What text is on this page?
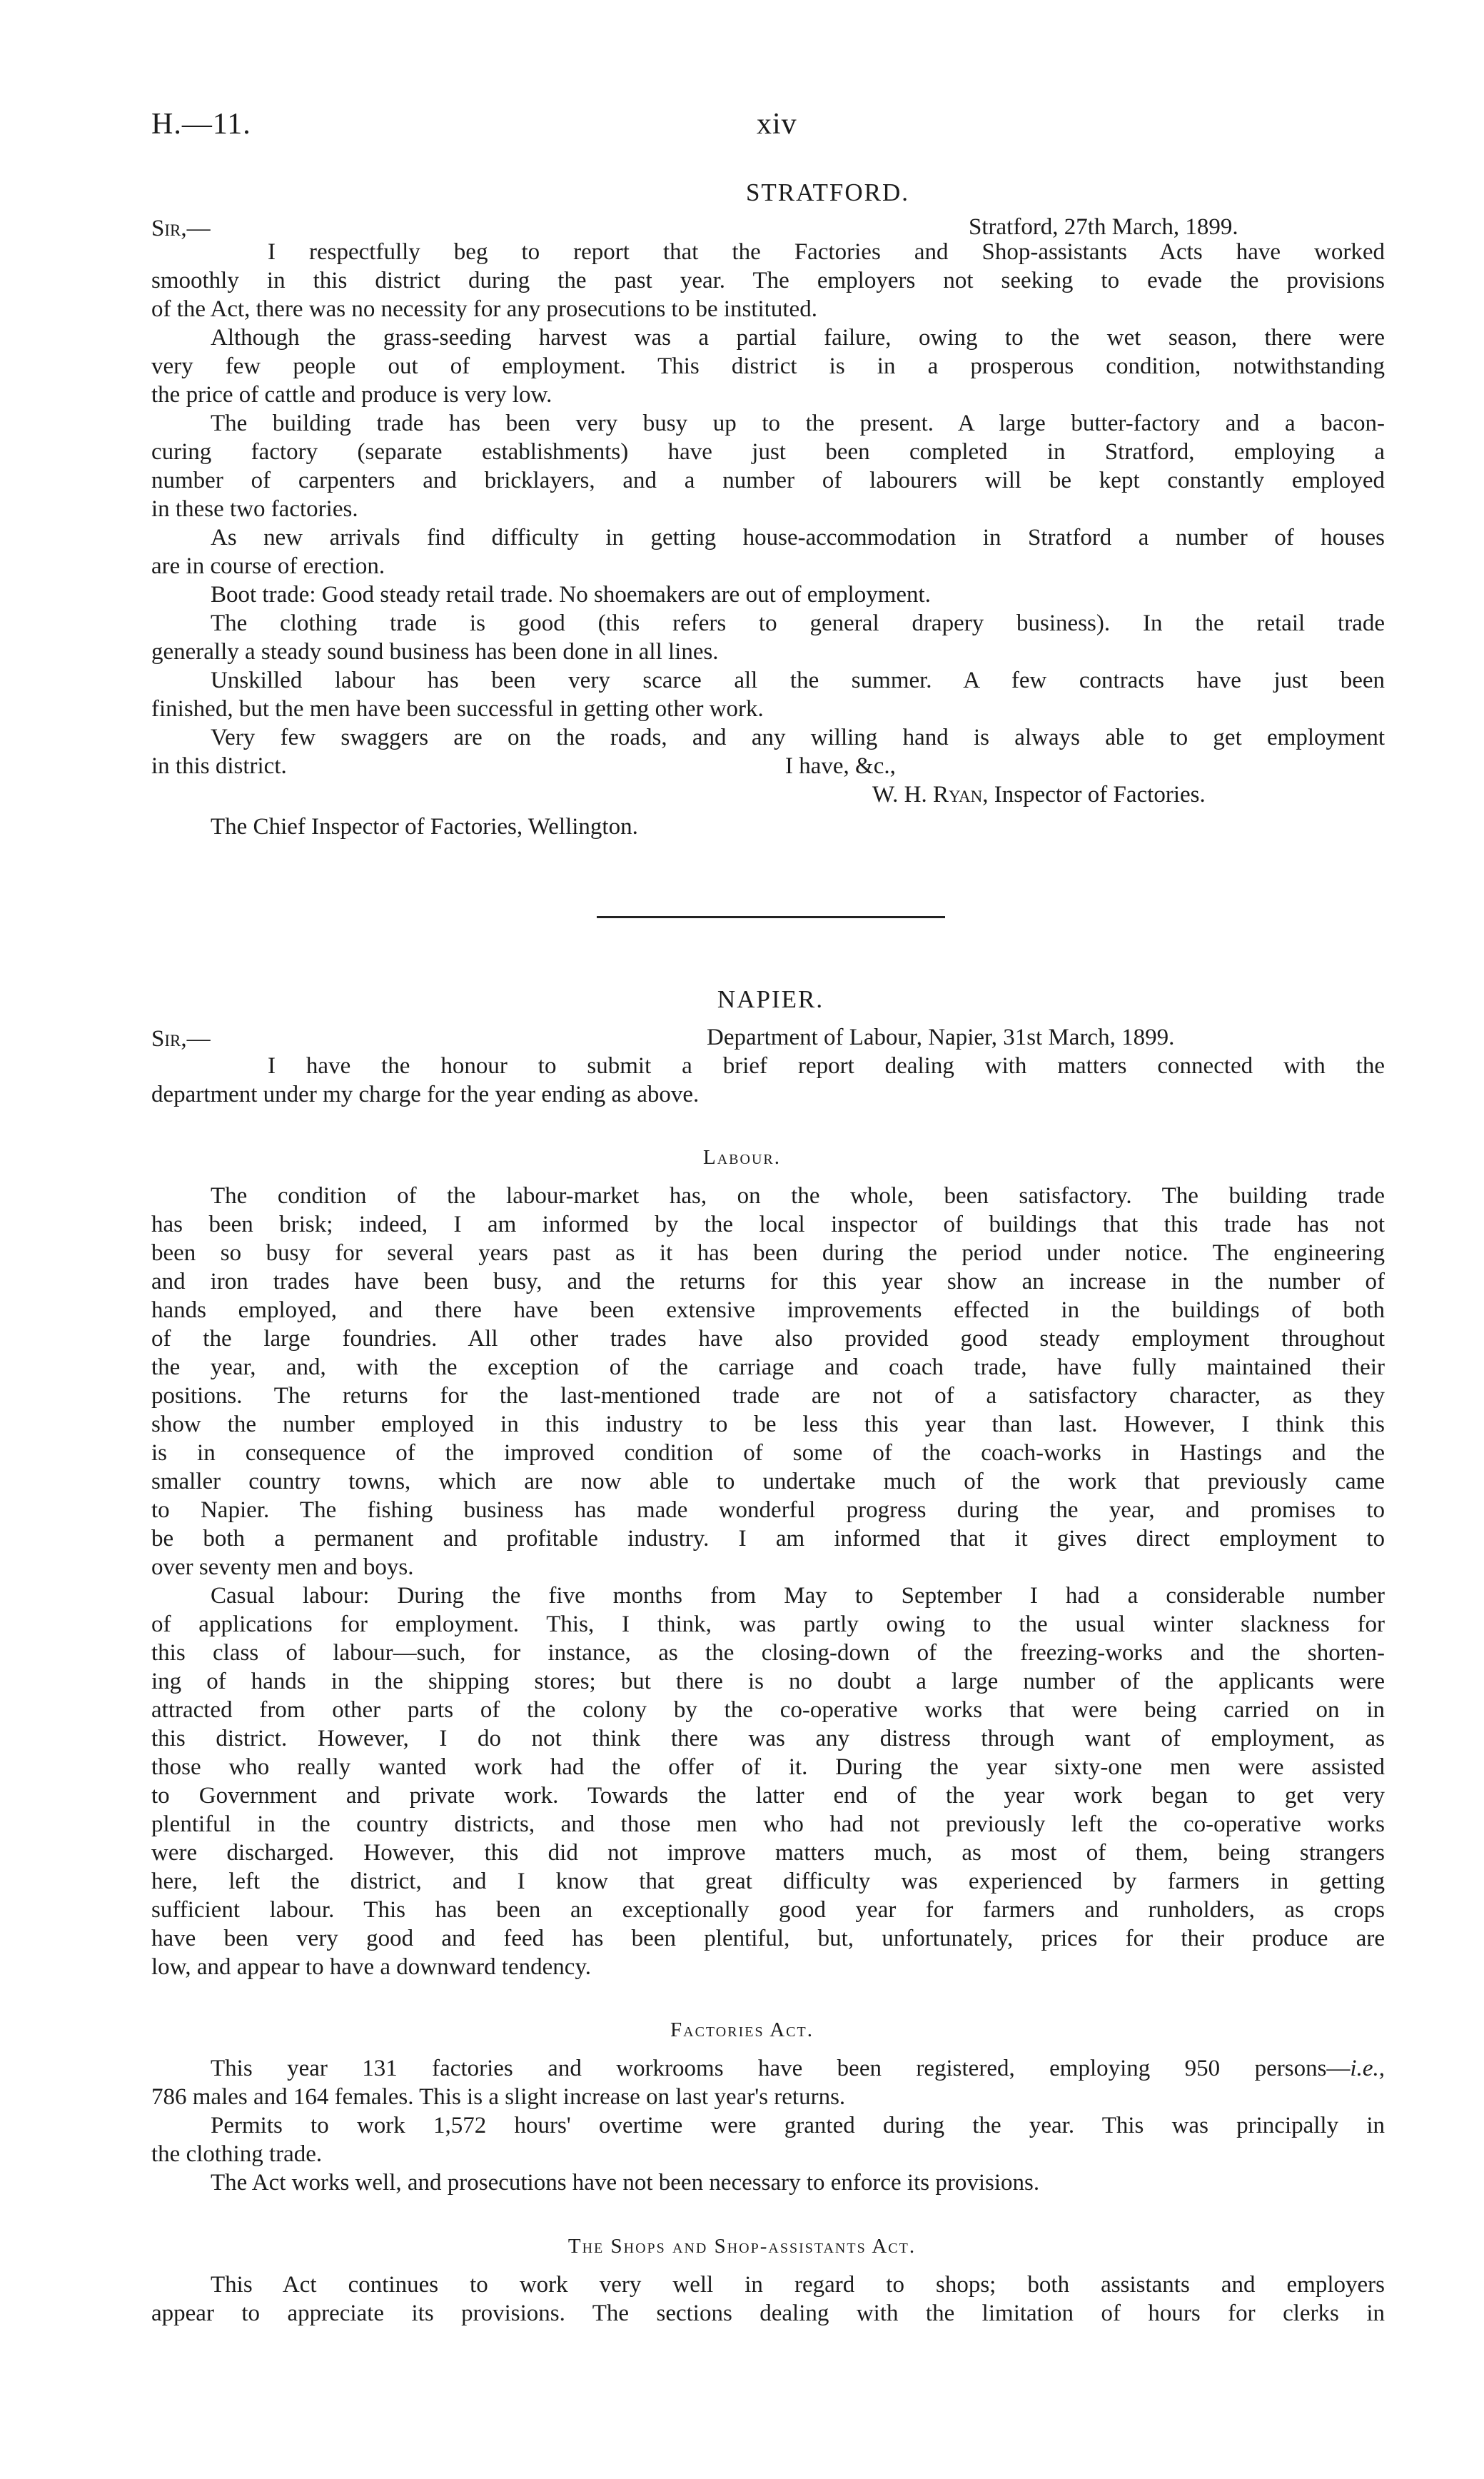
H.—11.	xiv
STRATFORD.
Sir,—	Stratford, 27th March, 1899.
I respectfully beg to report that the Factories and Shop-assistants Acts have worked
smoothly in this district during the past year. The employers not seeking to evade the provisions
of the Act, there was no necessity for any prosecutions to be instituted.
Although the grass-seeding harvest was a partial failure, owing to the wet season, there were
very few people out of employment. This district is in a prosperous condition, notwithstanding
the price of cattle and produce is very low.
The building trade has been very busy up to the present. A large butter-factory and a bacon-
curing factory (separate establishments) have just been completed in Stratford, employing a
number of carpenters and bricklayers, and a number of labourers will be kept constantly employed
in these two factories.
As new arrivals find difficulty in getting house-accommodation in Stratford a number of houses
are in course of erection.
Boot trade: Good steady retail trade. No shoemakers are out of employment.
The clothing trade is good (this refers to general drapery business). In the retail trade
generally a steady sound business has been done in all lines.
Unskilled labour has been very scarce all the summer. A few contracts have just been
finished, but the men have been successful in getting other work.
Very few swaggers are on the roads, and any willing hand is always able to get employment
in this district.	I have, &c.,
W. H. Ryan, Inspector of Factories.
The Chief Inspector of Factories, Wellington.
NAPIER.
Sir,—	Department of Labour, Napier, 31st March, 1899.
I have the honour to submit a brief report dealing with matters connected with the
department under my charge for the year ending as above.
Labour.
The condition of the labour-market has, on the whole, been satisfactory. The building trade
has been brisk; indeed, I am informed by the local inspector of buildings that this trade has not
been so busy for several years past as it has been during the period under notice. The engineering
and iron trades have been busy, and the returns for this year show an increase in the number of
hands employed, and there have been extensive improvements effected in the buildings of both
of the large foundries. All other trades have also provided good steady employment throughout
the year, and, with the exception of the carriage and coach trade, have fully maintained their
positions. The returns for the last-mentioned trade are not of a satisfactory character, as they
show the number employed in this industry to be less this year than last. However, I think this
is in consequence of the improved condition of some of the coach-works in Hastings and the
smaller country towns, which are now able to undertake much of the work that previously came
to Napier. The fishing business has made wonderful progress during the year, and promises to
be both a permanent and profitable industry. I am informed that it gives direct employment to
over seventy men and boys.
Casual labour: During the five months from May to September I had a considerable number
of applications for employment. This, I think, was partly owing to the usual winter slackness for
this class of labour—such, for instance, as the closing-down of the freezing-works and the shorten-
ing of hands in the shipping stores; but there is no doubt a large number of the applicants were
attracted from other parts of the colony by the co-operative works that were being carried on in
this district. However, I do not think there was any distress through want of employment, as
those who really wanted work had the offer of it. During the year sixty-one men were assisted
to Government and private work. Towards the latter end of the year work began to get very
plentiful in the country districts, and those men who had not previously left the co-operative works
were discharged. However, this did not improve matters much, as most of them, being strangers
here, left the district, and I know that great difficulty was experienced by farmers in getting
sufficient labour. This has been an exceptionally good year for farmers and runholders, as crops
have been very good and feed has been plentiful, but, unfortunately, prices for their produce are
low, and appear to have a downward tendency.
Factories Act.
This year 131 factories and workrooms have been registered, employing 950 persons—i.e.,
786 males and 164 females. This is a slight increase on last year's returns.
Permits to work 1,572 hours' overtime were granted during the year. This was principally in
the clothing trade.
The Act works well, and prosecutions have not been necessary to enforce its provisions.
The Shops and Shop-assistants Act.
This Act continues to work very well in regard to shops; both assistants and employers
appear to appreciate its provisions. The sections dealing with the limitation of hours for clerks in
